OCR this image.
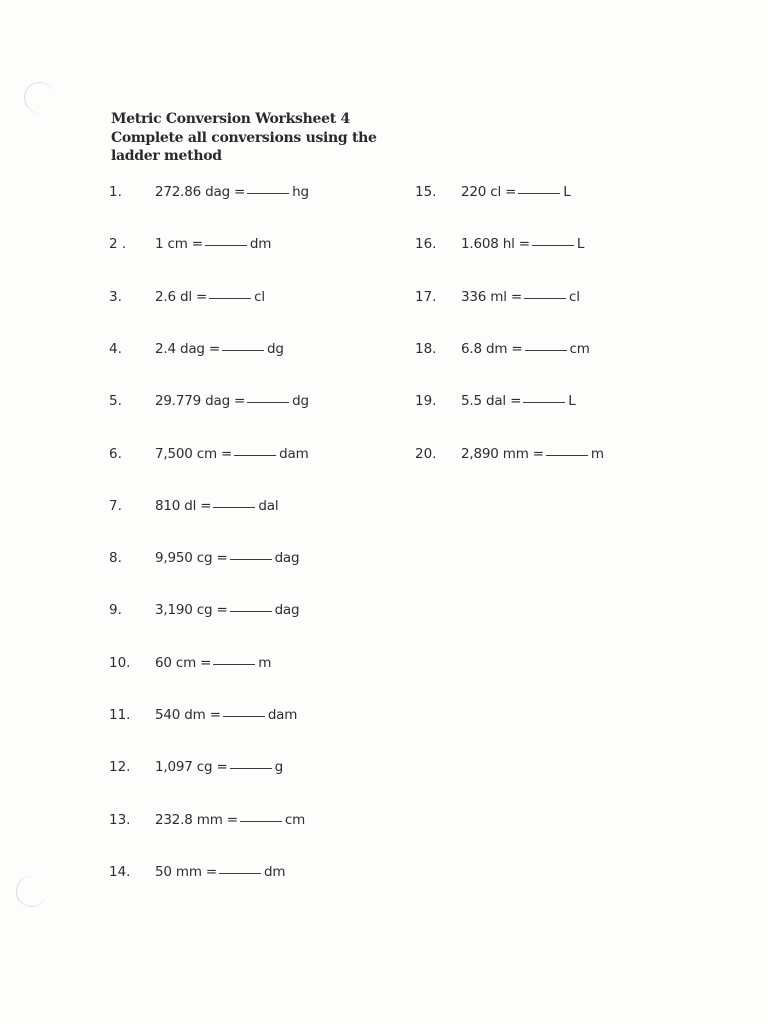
Metric Conversion Worksheet 4
Complete all conversions using the
ladder method
1. 272.86 dag =	hg
2 . 1 cm =	dm
3. 2.6 dl =	cl
4. 2.4 dag =	dg
5. 29.779 dag =	dg
6. 7,500 cm =	dam
7. 810 dl =	dal
8. 9,950 cg =	dag
9. 3,190 cg =	dag
10. 60 cm =	m
11. 540 dm =	dam
12. 1,097 cg =	g
13. 232.8 mm =	cm
14. 50 mm =	dm
15. 220 cl =	L
16. 1.608 hl =	L
17. 336 ml =	cl
18. 6.8 dm =	cm
19. 5.5 dal =	L
20. 2,890 mm =	m
